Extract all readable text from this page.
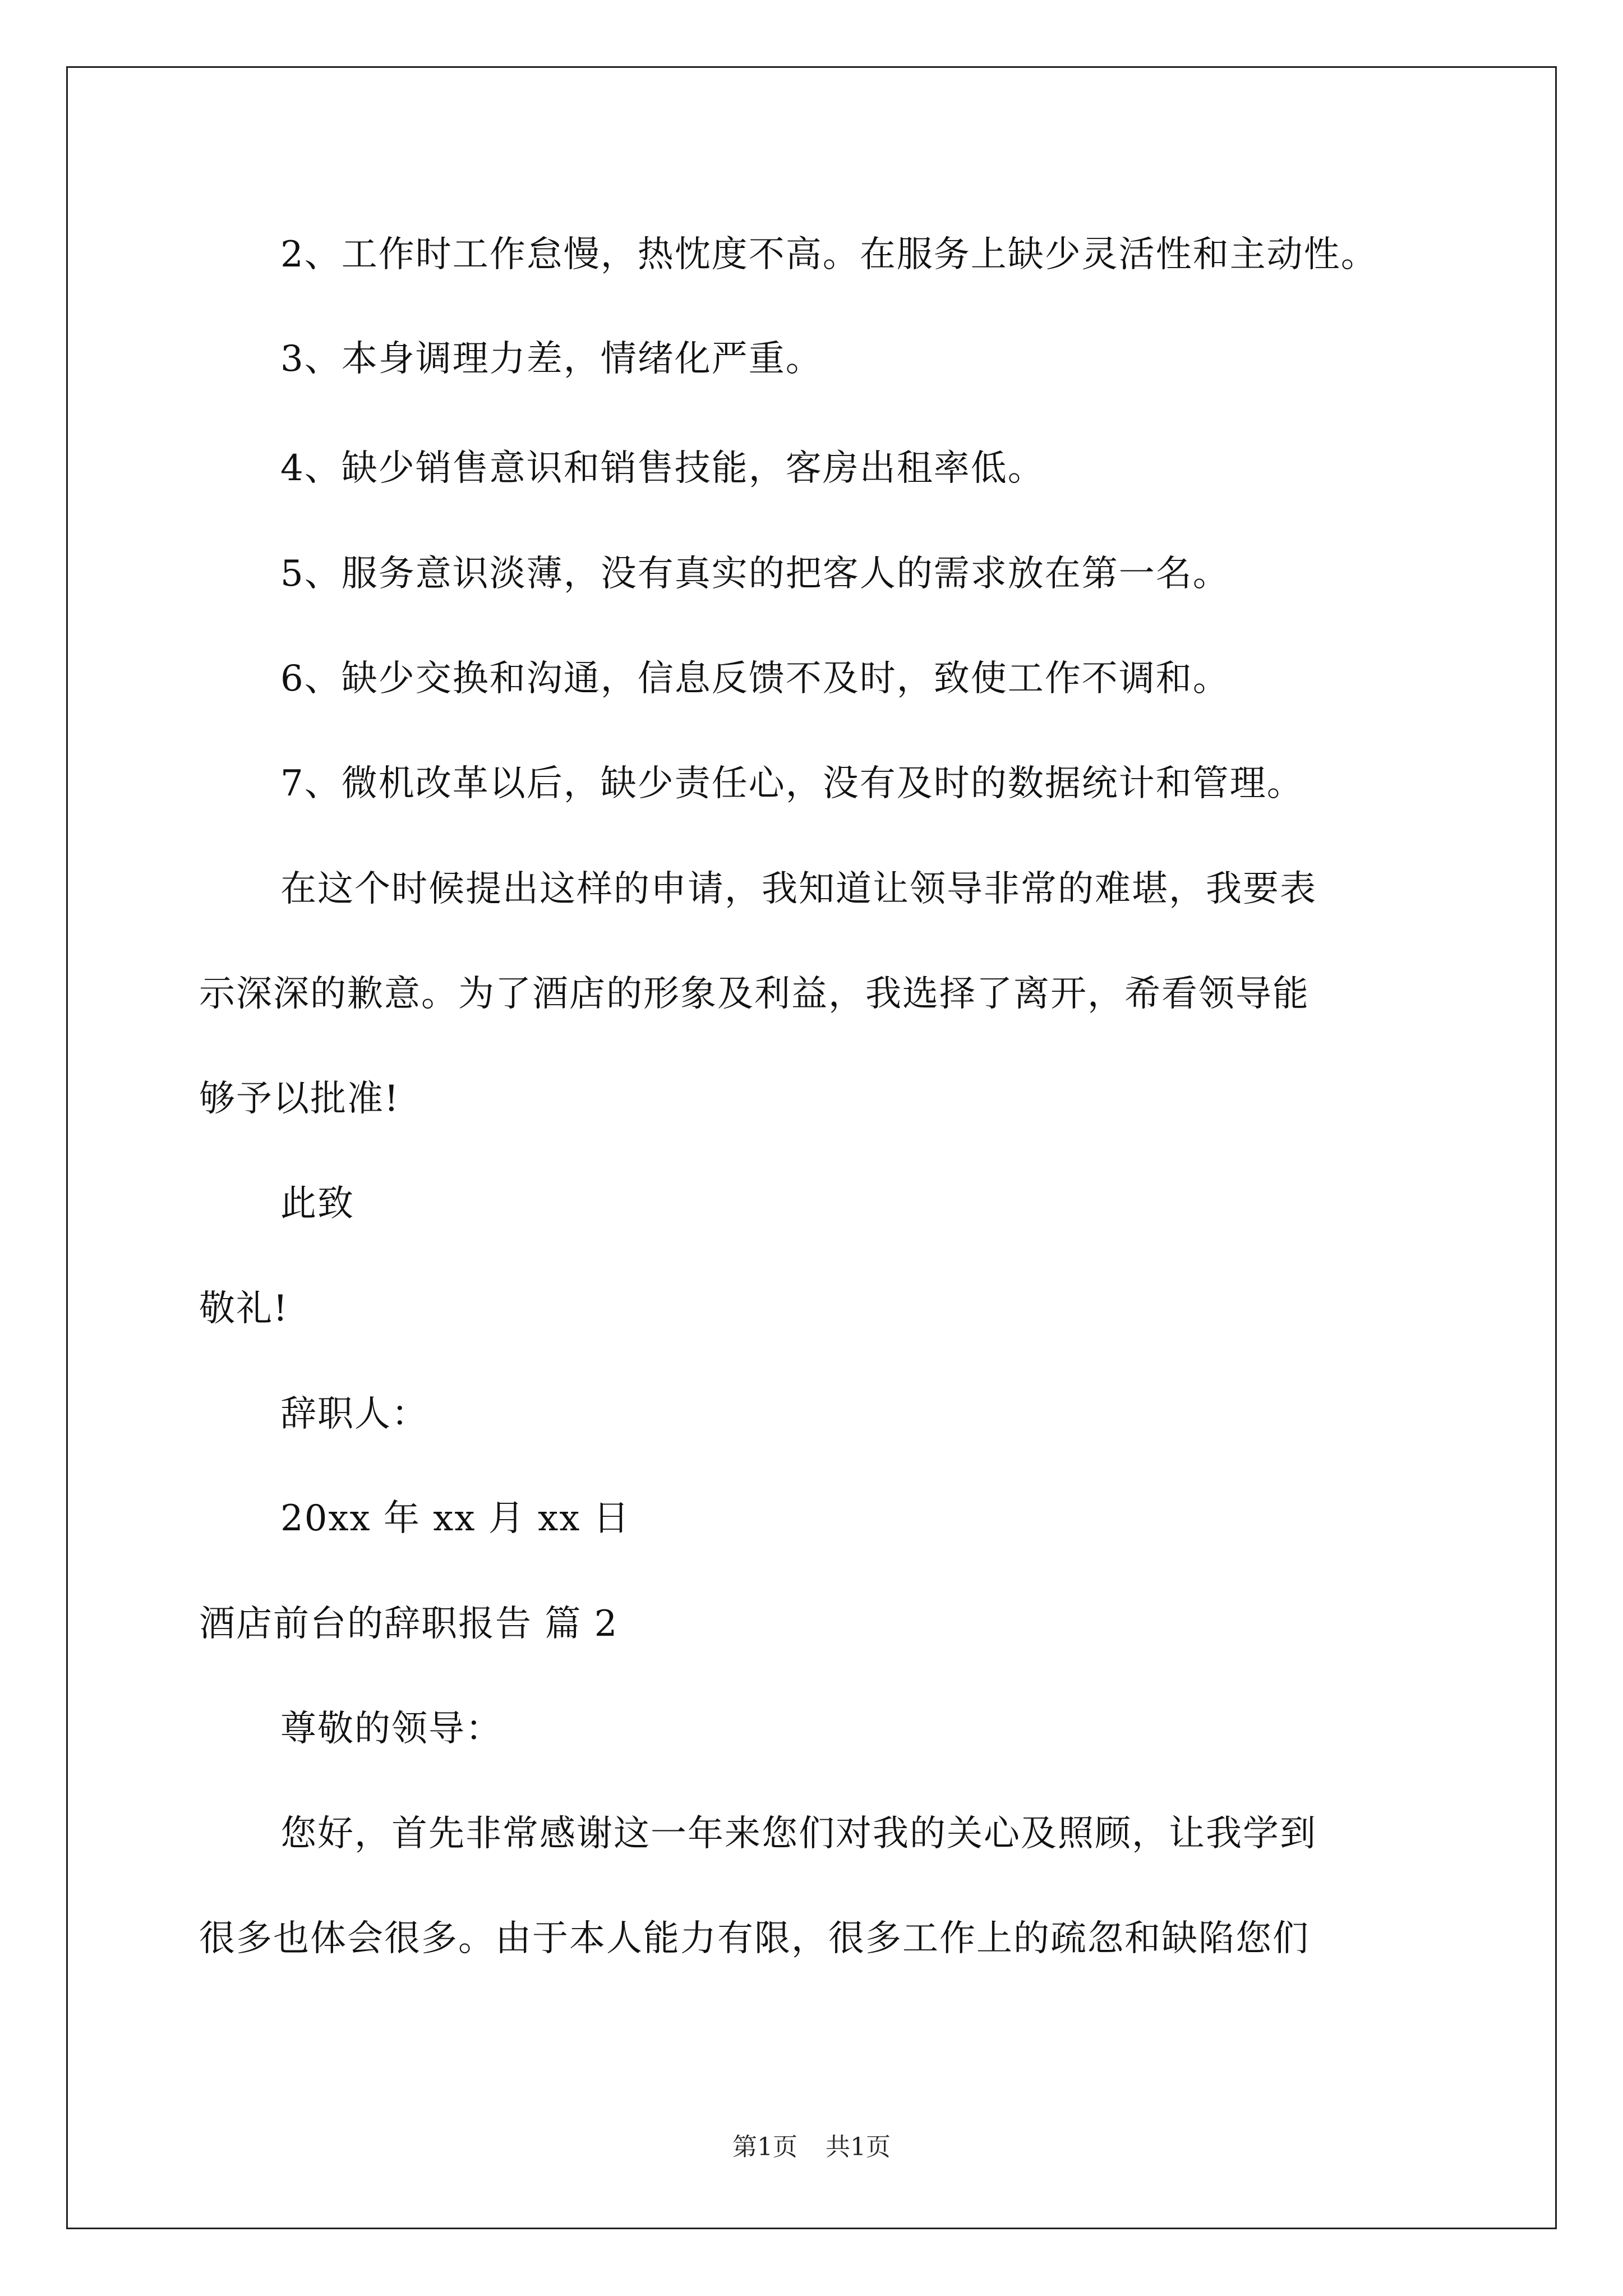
2、工作时工作怠慢，热忱度不高。在服务上缺少灵活性和主动性。
3、本身调理力差，情绪化严重。
4、缺少销售意识和销售技能，客房出租率低。
5、服务意识淡薄，没有真实的把客人的需求放在第一名。
6、缺少交换和沟通，信息反馈不及时，致使工作不调和。
7、微机改革以后，缺少责任心，没有及时的数据统计和管理。
在这个时候提出这样的申请，我知道让领导非常的难堪，我要表
示深深的歉意。为了酒店的形象及利益，我选择了离开，希看领导能
够予以批准!
此致
敬礼!
辞职人：
20xx 年 xx 月 xx 日
酒店前台的辞职报告 篇 2
尊敬的领导：
您好，首先非常感谢这一年来您们对我的关心及照顾，让我学到
很多也体会很多。由于本人能力有限，很多工作上的疏忽和缺陷您们
第1页 共1页
